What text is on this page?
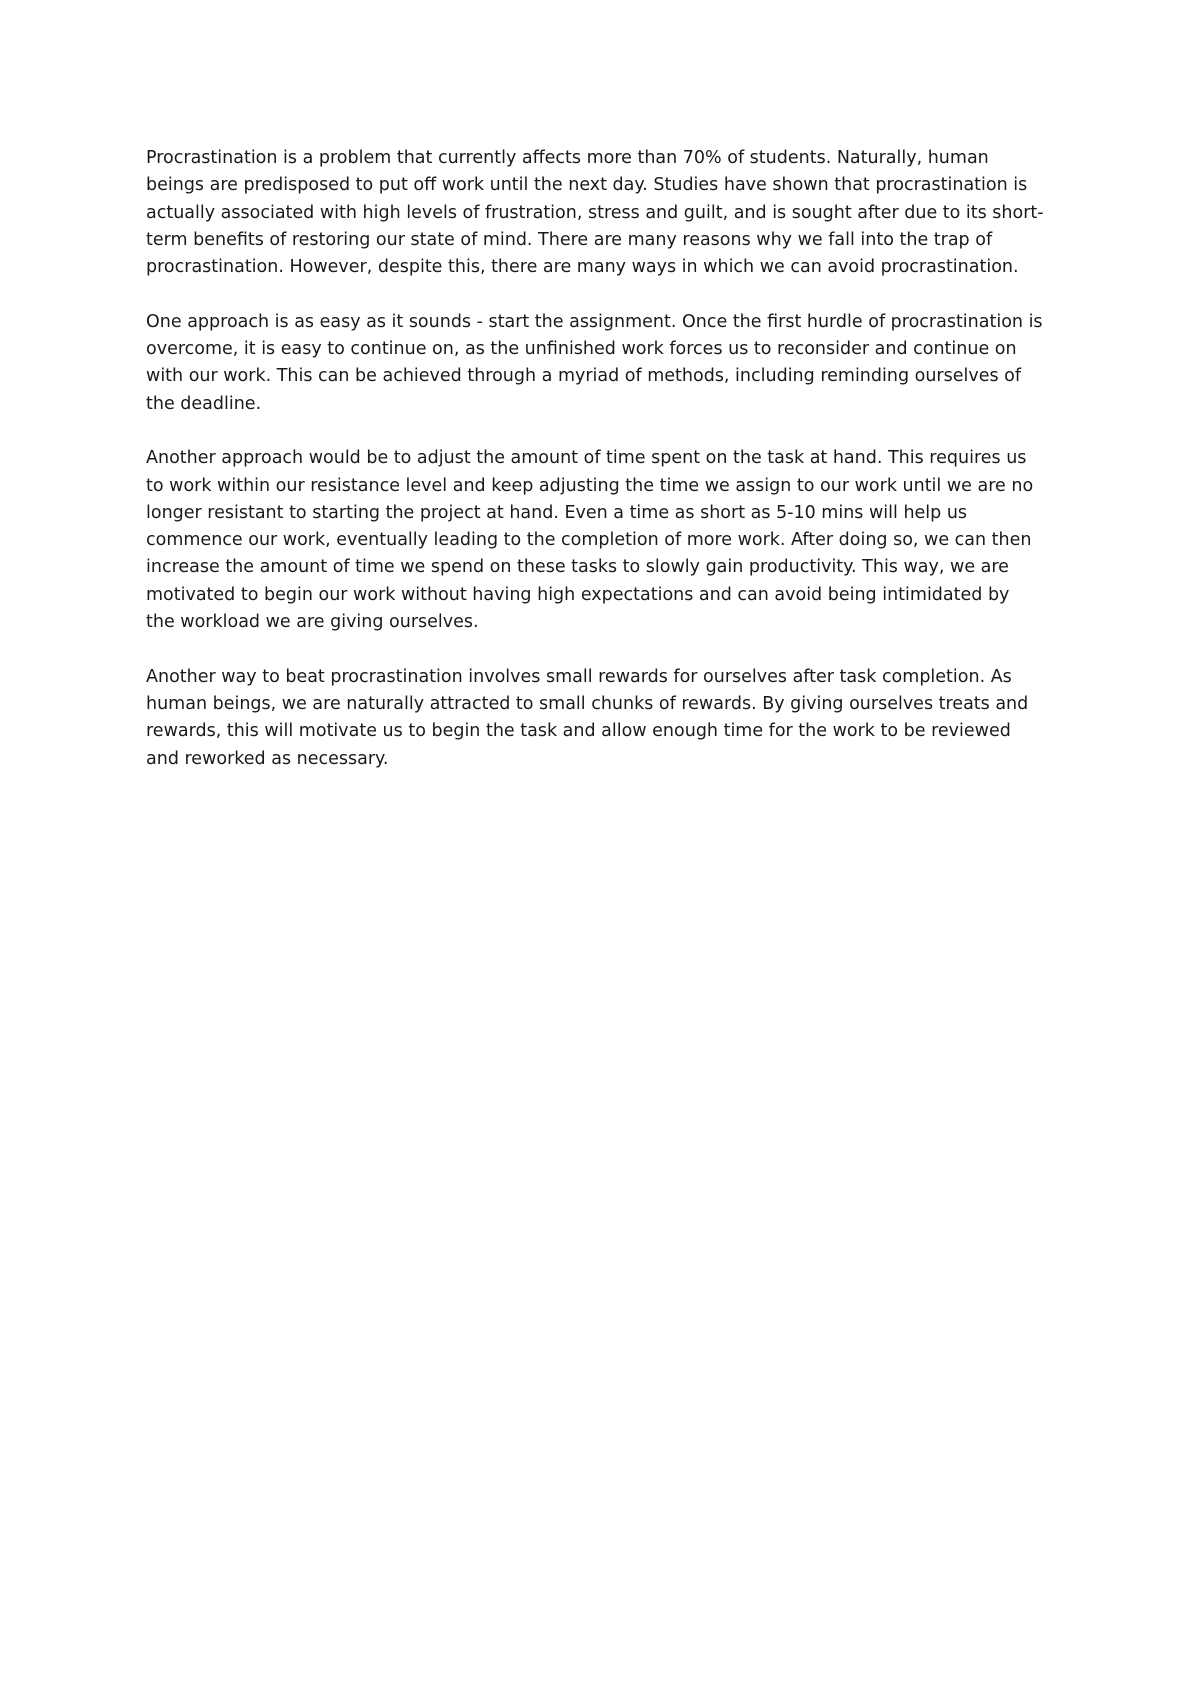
Procrastination is a problem that currently affects more than 70% of students. Naturally, human
beings are predisposed to put off work until the next day. Studies have shown that procrastination is
actually associated with high levels of frustration, stress and guilt, and is sought after due to its short-
term benefits of restoring our state of mind. There are many reasons why we fall into the trap of
procrastination. However, despite this, there are many ways in which we can avoid procrastination.

One approach is as easy as it sounds - start the assignment. Once the first hurdle of procrastination is
overcome, it is easy to continue on, as the unfinished work forces us to reconsider and continue on
with our work. This can be achieved through a myriad of methods, including reminding ourselves of
the deadline.

Another approach would be to adjust the amount of time spent on the task at hand. This requires us
to work within our resistance level and keep adjusting the time we assign to our work until we are no
longer resistant to starting the project at hand. Even a time as short as 5-10 mins will help us
commence our work, eventually leading to the completion of more work. After doing so, we can then
increase the amount of time we spend on these tasks to slowly gain productivity. This way, we are
motivated to begin our work without having high expectations and can avoid being intimidated by
the workload we are giving ourselves.

Another way to beat procrastination involves small rewards for ourselves after task completion. As
human beings, we are naturally attracted to small chunks of rewards. By giving ourselves treats and
rewards, this will motivate us to begin the task and allow enough time for the work to be reviewed
and reworked as necessary.
